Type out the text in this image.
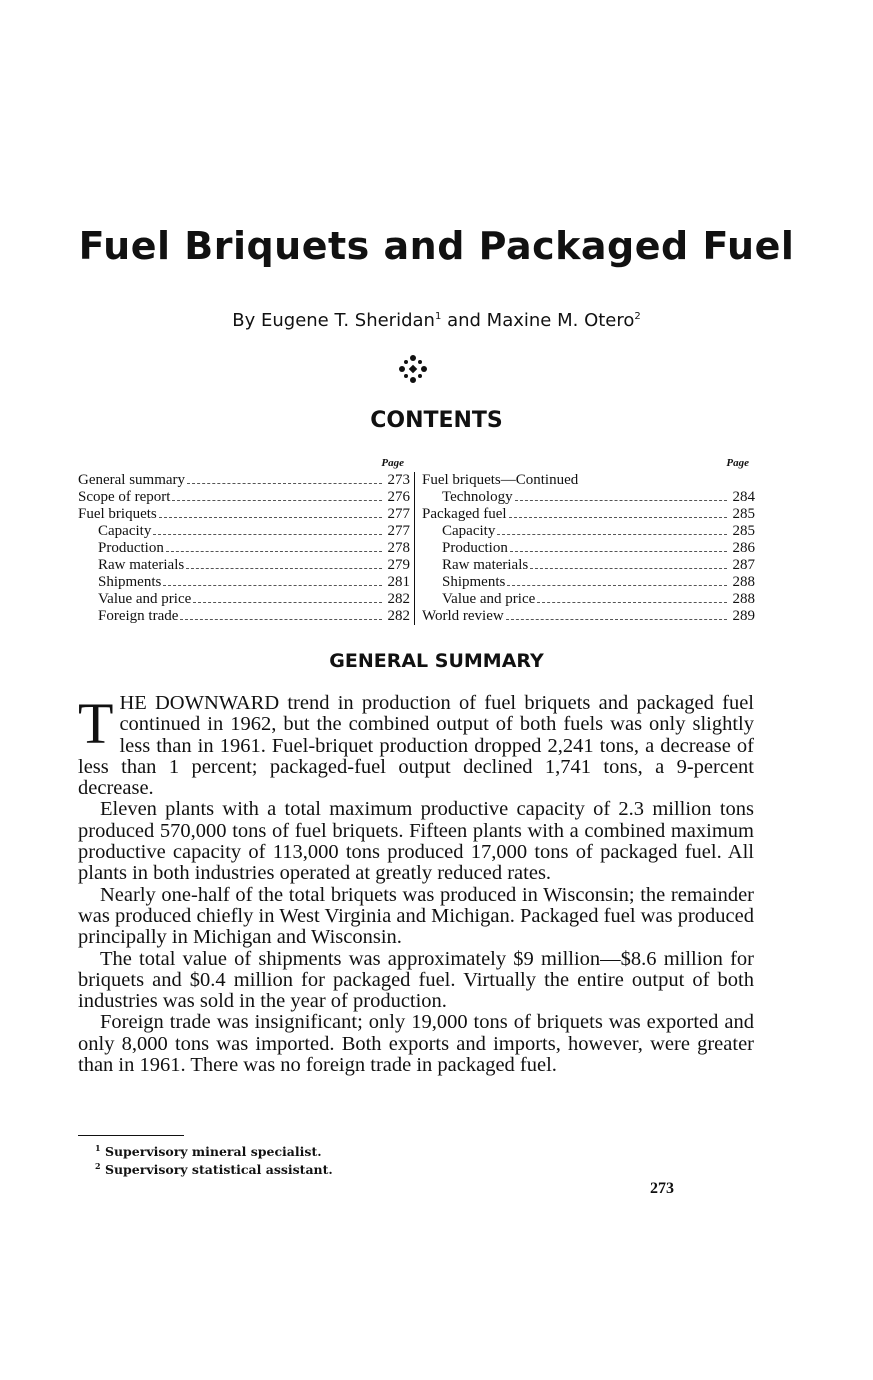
Fuel Briquets and Packaged Fuel
By Eugene T. Sheridan$^1$ and Maxine M. Otero$^2$
CONTENTS
Page
General summary	273
Scope of report	276
Fuel briquets	277
Capacity	277
Production	278
Raw materials	279
Shipments	281
Value and price	282
Foreign trade	282
Page
Fuel briquets—Continued
Technology	284
Packaged fuel	285
Capacity	285
Production	286
Raw materials	287
Shipments	288
Value and price	288
World review	289
GENERAL SUMMARY

THE DOWNWARD trend in production of fuel briquets and packaged fuel continued in 1962, but the combined output of both fuels was only slightly less than in 1961. Fuel-briquet production dropped 2,241 tons, a decrease of less than 1 percent; packaged-fuel output declined 1,741 tons, a 9-percent decrease.

Eleven plants with a total maximum productive capacity of 2.3 million tons produced 570,000 tons of fuel briquets. Fifteen plants with a combined maximum productive capacity of 113,000 tons produced 17,000 tons of packaged fuel. All plants in both industries operated at greatly reduced rates.

Nearly one-half of the total briquets was produced in Wisconsin; the remainder was produced chiefly in West Virginia and Michigan. Packaged fuel was produced principally in Michigan and Wisconsin.

The total value of shipments was approximately $9 million—$8.6 million for briquets and $0.4 million for packaged fuel. Virtually the entire output of both industries was sold in the year of production.

Foreign trade was insignificant; only 19,000 tons of briquets was exported and only 8,000 tons was imported. Both exports and imports, however, were greater than in 1961. There was no foreign trade in packaged fuel.

$^1$ Supervisory mineral specialist.
$^2$ Supervisory statistical assistant.
273
